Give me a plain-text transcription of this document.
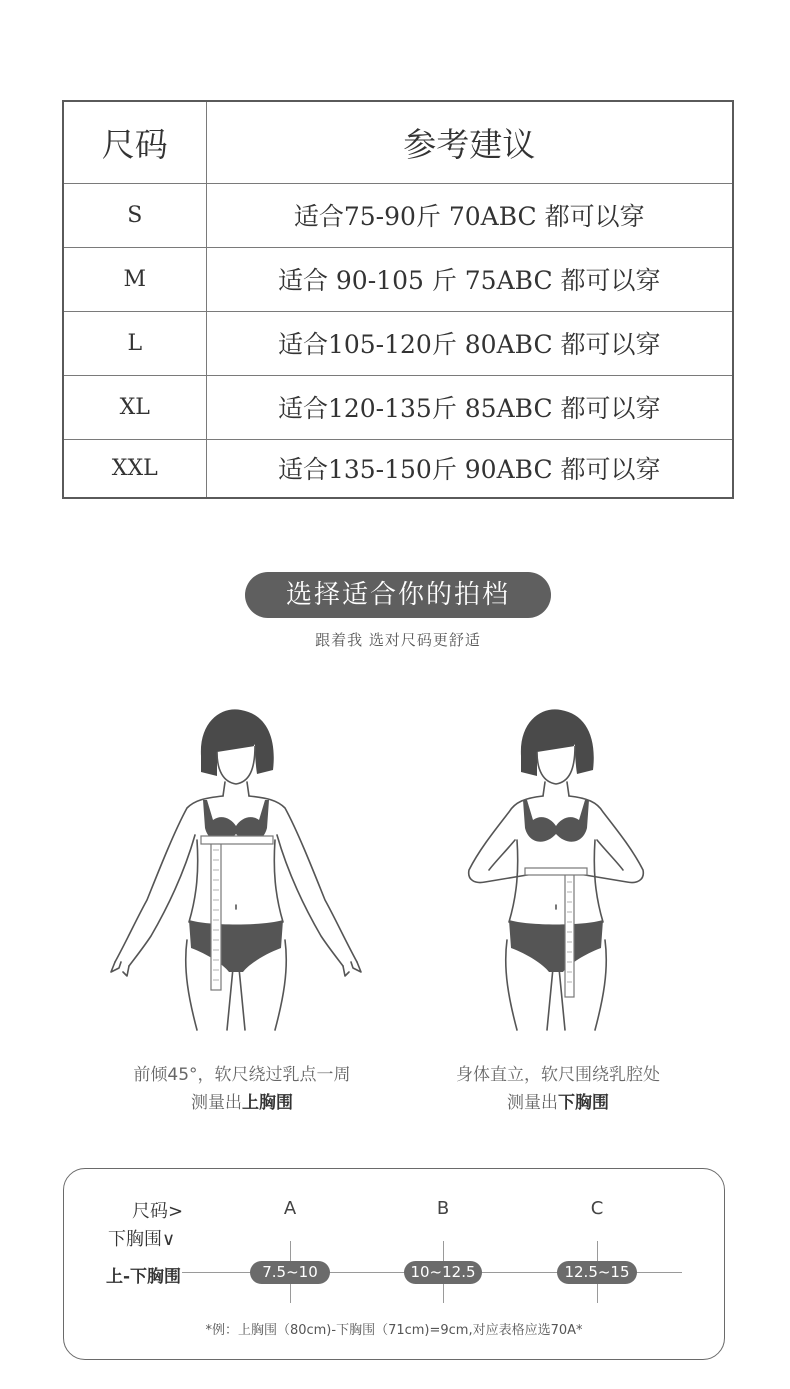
尺码	参考建议
S	适合75-90斤 70ABC 都可以穿
M	适合 90-105 斤 75ABC 都可以穿
L	适合105-120斤 80ABC 都可以穿
XL	适合120-135斤 85ABC 都可以穿
XXL	适合135-150斤 90ABC 都可以穿
选择适合你的拍档
跟着我 选对尺码更舒适
前倾45°，软尺绕过乳点一周
测量出上胸围
身体直立，软尺围绕乳腔处
测量出下胸围
尺码>
下胸围∨
上-下胸围
A	B	C
7.5~10	10~12.5	12.5~15
*例：上胸围（80cm)-下胸围（71cm)=9cm,对应表格应选70A*
